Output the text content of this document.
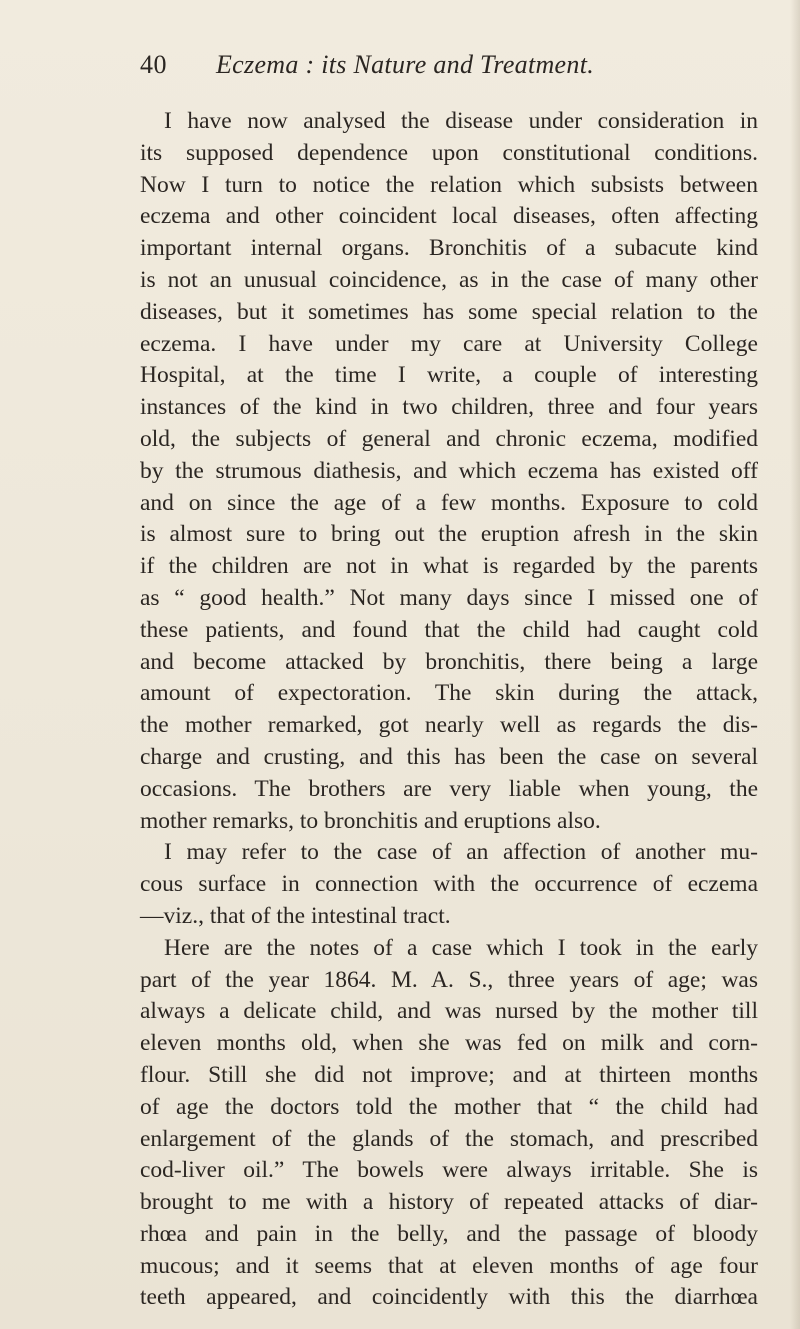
40 Eczema : its Nature and Treatment.
I have now analysed the disease under consideration in
its supposed dependence upon constitutional conditions.
Now I turn to notice the relation which subsists between
eczema and other coincident local diseases, often affecting
important internal organs. Bronchitis of a subacute kind
is not an unusual coincidence, as in the case of many other
diseases, but it sometimes has some special relation to the
eczema. I have under my care at University College
Hospital, at the time I write, a couple of interesting
instances of the kind in two children, three and four years
old, the subjects of general and chronic eczema, modified
by the strumous diathesis, and which eczema has existed off
and on since the age of a few months. Exposure to cold
is almost sure to bring out the eruption afresh in the skin
if the children are not in what is regarded by the parents
as “ good health.” Not many days since I missed one of
these patients, and found that the child had caught cold
and become attacked by bronchitis, there being a large
amount of expectoration. The skin during the attack,
the mother remarked, got nearly well as regards the dis-
charge and crusting, and this has been the case on several
occasions. The brothers are very liable when young, the
mother remarks, to bronchitis and eruptions also.
I may refer to the case of an affection of another mu-
cous surface in connection with the occurrence of eczema
—viz., that of the intestinal tract.
Here are the notes of a case which I took in the early
part of the year 1864. M. A. S., three years of age; was
always a delicate child, and was nursed by the mother till
eleven months old, when she was fed on milk and corn-
flour. Still she did not improve; and at thirteen months
of age the doctors told the mother that “ the child had
enlargement of the glands of the stomach, and prescribed
cod-liver oil.” The bowels were always irritable. She is
brought to me with a history of repeated attacks of diar-
rhœa and pain in the belly, and the passage of bloody
mucous; and it seems that at eleven months of age four
teeth appeared, and coincidently with this the diarrhœa
